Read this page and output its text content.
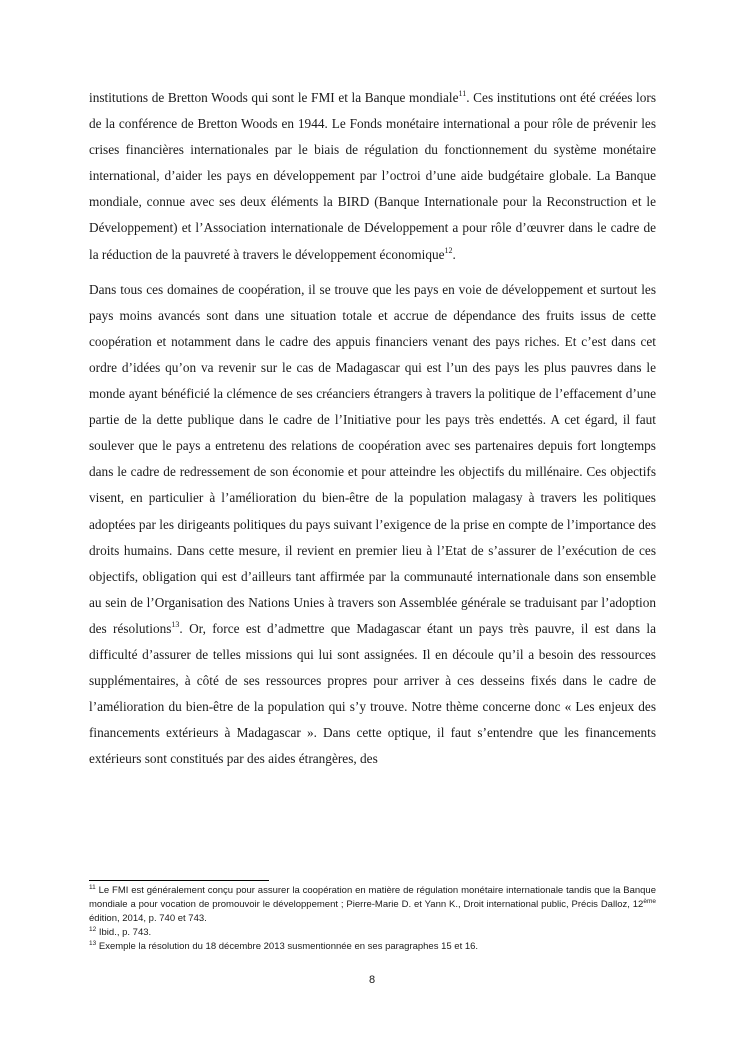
institutions de Bretton Woods qui sont le FMI et la Banque mondiale$^{11}$. Ces institutions ont été créées lors de la conférence de Bretton Woods en 1944. Le Fonds monétaire international a pour rôle de prévenir les crises financières internationales par le biais de régulation du fonctionnement du système monétaire international, d’aider les pays en développement par l’octroi d’une aide budgétaire globale. La Banque mondiale, connue avec ses deux éléments la BIRD (Banque Internationale pour la Reconstruction et le Développement) et l’Association internationale de Développement a pour rôle d’œuvrer dans le cadre de la réduction de la pauvreté à travers le développement économique$^{12}$.

Dans tous ces domaines de coopération, il se trouve que les pays en voie de développement et surtout les pays moins avancés sont dans une situation totale et accrue de dépendance des fruits issus de cette coopération et notamment dans le cadre des appuis financiers venant des pays riches. Et c’est dans cet ordre d’idées qu’on va revenir sur le cas de Madagascar qui est l’un des pays les plus pauvres dans le monde ayant bénéficié la clémence de ses créanciers étrangers à travers la politique de l’effacement d’une partie de la dette publique dans le cadre de l’Initiative pour les pays très endettés. A cet égard, il faut soulever que le pays a entretenu des relations de coopération avec ses partenaires depuis fort longtemps dans le cadre de redressement de son économie et pour atteindre les objectifs du millénaire. Ces objectifs visent, en particulier à l’amélioration du bien-être de la population malagasy à travers les politiques adoptées par les dirigeants politiques du pays suivant l’exigence de la prise en compte de l’importance des droits humains. Dans cette mesure, il revient en premier lieu à l’Etat de s’assurer de l’exécution de ces objectifs, obligation qui est d’ailleurs tant affirmée par la communauté internationale dans son ensemble au sein de l’Organisation des Nations Unies à travers son Assemblée générale se traduisant par l’adoption des résolutions$^{13}$. Or, force est d’admettre que Madagascar étant un pays très pauvre, il est dans la difficulté d’assurer de telles missions qui lui sont assignées. Il en découle qu’il a besoin des ressources supplémentaires, à côté de ses ressources propres pour arriver à ces desseins fixés dans le cadre de l’amélioration du bien-être de la population qui s’y trouve. Notre thème concerne donc « Les enjeux des financements extérieurs à Madagascar ». Dans cette optique, il faut s’entendre que les financements extérieurs sont constitués par des aides étrangères, des

$^{11}$ Le FMI est généralement conçu pour assurer la coopération en matière de régulation monétaire internationale tandis que la Banque mondiale a pour vocation de promouvoir le développement ; Pierre-Marie D. et Yann K., Droit international public, Précis Dalloz, 12ème édition, 2014, p. 740 et 743.

$^{12}$ Ibid., p. 743.

$^{13}$ Exemple la résolution du 18 décembre 2013 susmentionnée en ses paragraphes 15 et 16.

8
